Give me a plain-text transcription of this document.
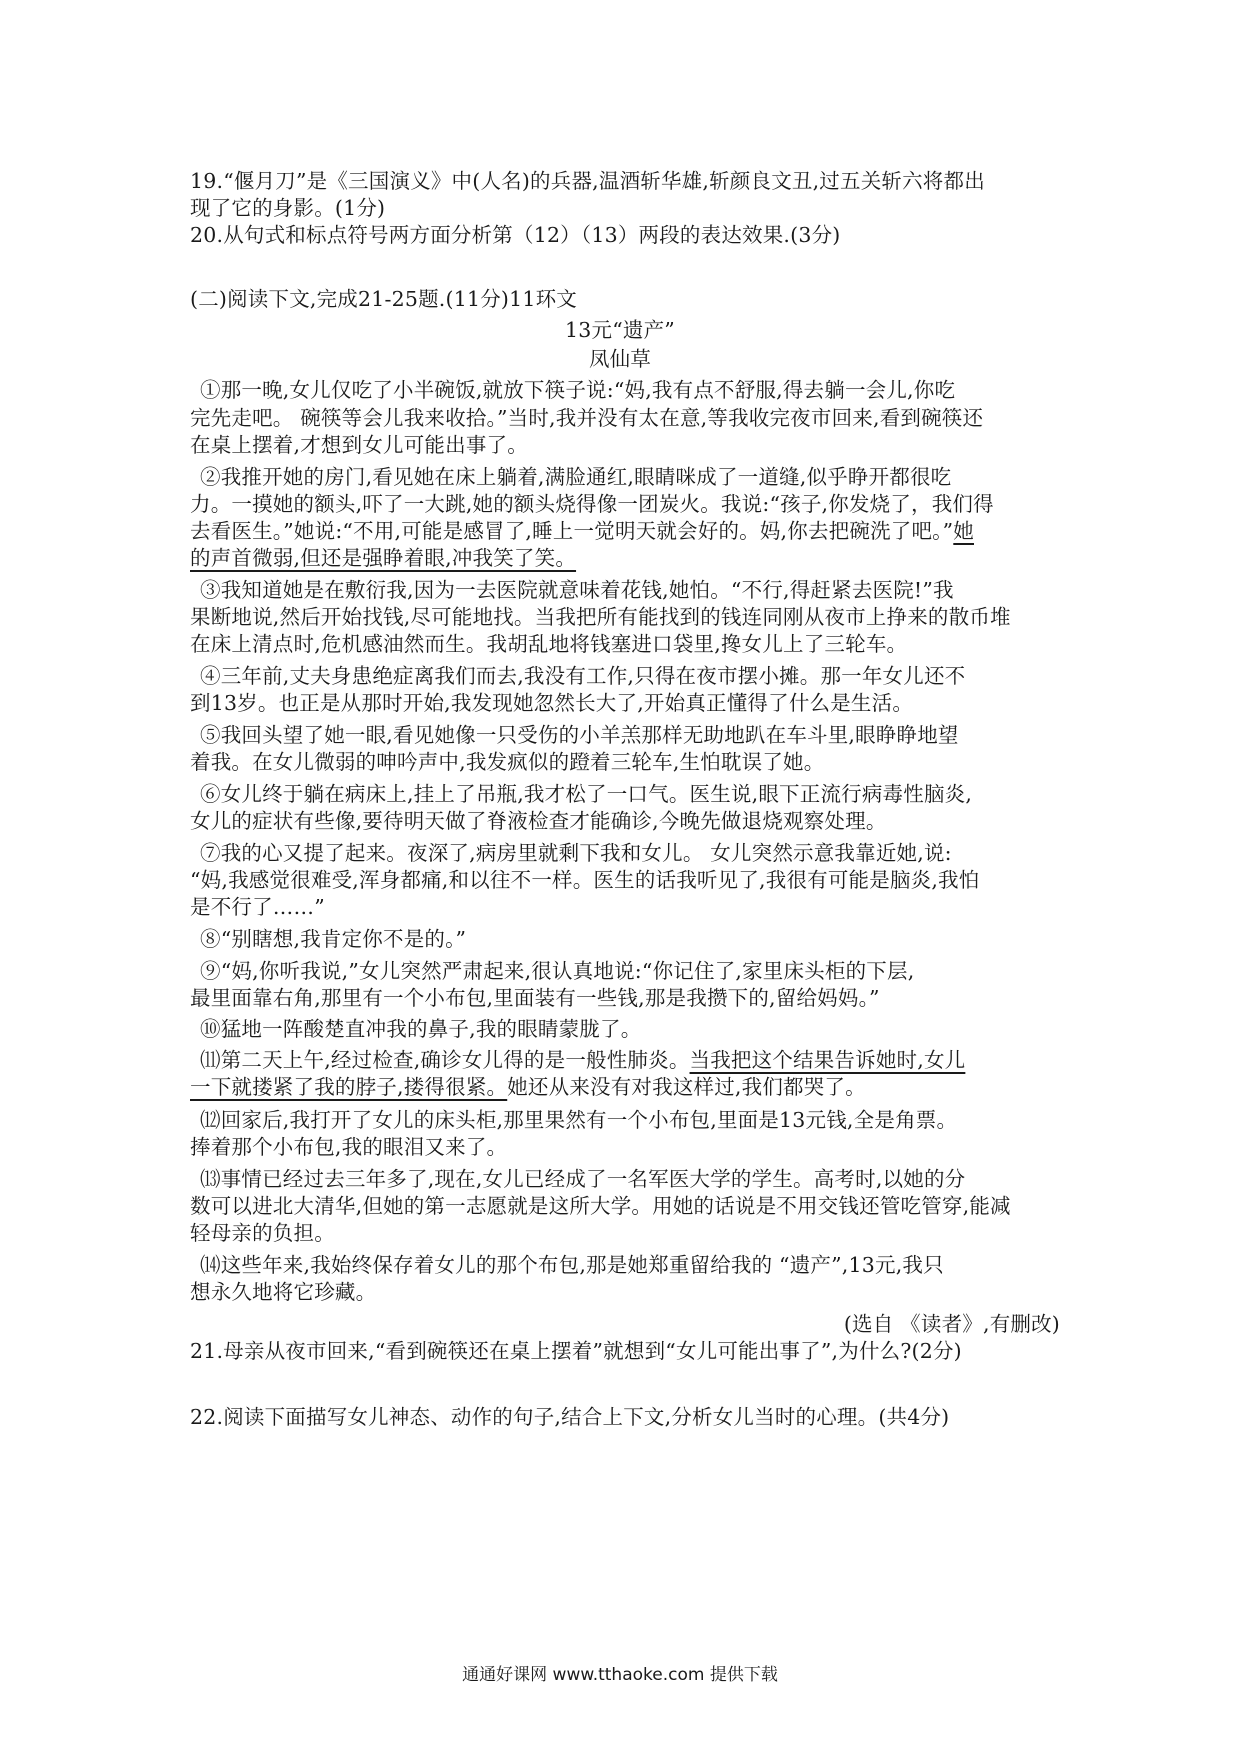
19.“偃月刀”是《三国演义》中(人名)的兵器,温酒斩华雄,斩颜良文丑,过五关斩六将都出
现了它的身影。(1分)
20.从句式和标点符号两方面分析第（12）（13）两段的表达效果.(3分)
(二)阅读下文,完成21-25题.(11分)11环文
13元“遗产”
凤仙草
①那一晚,女儿仅吃了小半碗饭,就放下筷子说:“妈,我有点不舒服,得去躺一会儿,你吃
完先走吧。 碗筷等会儿我来收拾。”当时,我并没有太在意,等我收完夜市回来,看到碗筷还
在桌上摆着,才想到女儿可能出事了。
②我推开她的房门,看见她在床上躺着,满脸通红,眼睛咪成了一道缝,似乎睁开都很吃
力。一摸她的额头,吓了一大跳,她的额头烧得像一团炭火。我说:“孩子,你发烧了，我们得
去看医生。”她说:“不用,可能是感冒了,睡上一觉明天就会好的。妈,你去把碗洗了吧。”她
的声首微弱,但还是强睁着眼,冲我笑了笑。
③我知道她是在敷衍我,因为一去医院就意味着花钱,她怕。“不行,得赶紧去医院!”我
果断地说,然后开始找钱,尽可能地找。当我把所有能找到的钱连同刚从夜市上挣来的散币堆
在床上清点时,危机感油然而生。我胡乱地将钱塞进口袋里,搀女儿上了三轮车。
④三年前,丈夫身患绝症离我们而去,我没有工作,只得在夜市摆小摊。那一年女儿还不
到13岁。也正是从那时开始,我发现她忽然长大了,开始真正懂得了什么是生活。
⑤我回头望了她一眼,看见她像一只受伤的小羊羔那样无助地趴在车斗里,眼睁睁地望
着我。在女儿微弱的呻吟声中,我发疯似的蹬着三轮车,生怕耽误了她。
⑥女儿终于躺在病床上,挂上了吊瓶,我才松了一口气。医生说,眼下正流行病毒性脑炎,
女儿的症状有些像,要待明天做了脊液检查才能确诊,今晚先做退烧观察处理。
⑦我的心又提了起来。夜深了,病房里就剩下我和女儿。 女儿突然示意我靠近她,说:
“妈,我感觉很难受,浑身都痛,和以往不一样。医生的话我听见了,我很有可能是脑炎,我怕
是不行了……”
⑧“别瞎想,我肯定你不是的。”
⑨“妈,你听我说,”女儿突然严肃起来,很认真地说:“你记住了,家里床头柜的下层,
最里面靠右角,那里有一个小布包,里面装有一些钱,那是我攒下的,留给妈妈。”
⑩猛地一阵酸楚直冲我的鼻子,我的眼睛蒙胧了。
⑾第二天上午,经过检查,确诊女儿得的是一般性肺炎。当我把这个结果告诉她时,女儿
一下就搂紧了我的脖子,搂得很紧。她还从来没有对我这样过,我们都哭了。
⑿回家后,我打开了女儿的床头柜,那里果然有一个小布包,里面是13元钱,全是角票。
捧着那个小布包,我的眼泪又来了。
⒀事情已经过去三年多了,现在,女儿已经成了一名军医大学的学生。高考时,以她的分
数可以进北大清华,但她的第一志愿就是这所大学。用她的话说是不用交钱还管吃管穿,能减
轻母亲的负担。
⒁这些年来,我始终保存着女儿的那个布包,那是她郑重留给我的 “遗产”,13元,我只
想永久地将它珍藏。
(选自 《读者》,有删改)
21.母亲从夜市回来,“看到碗筷还在桌上摆着”就想到“女儿可能出事了”,为什么?(2分)
22.阅读下面描写女儿神态、动作的句子,结合上下文,分析女儿当时的心理。(共4分)
通通好课网 www.tthaoke.com 提供下载
